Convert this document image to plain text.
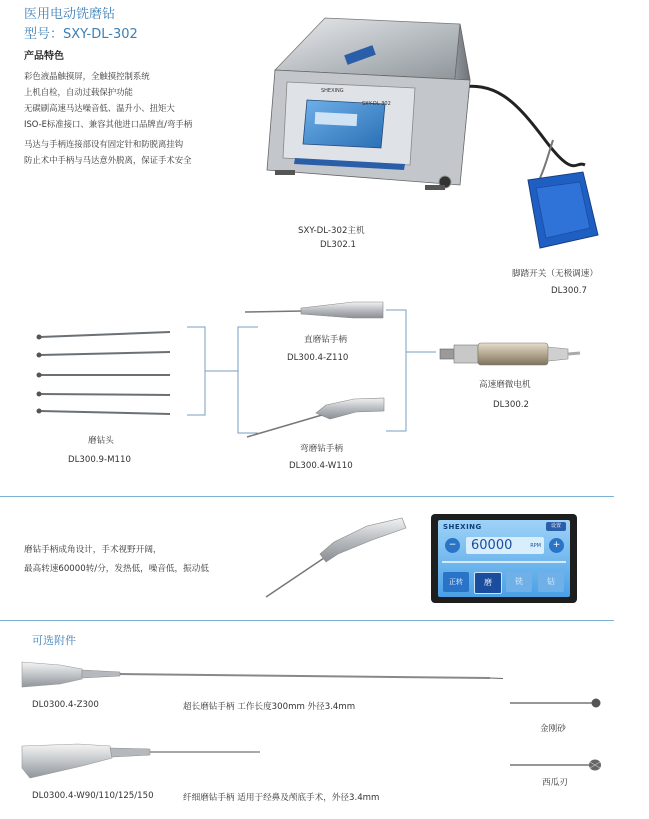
医用电动铣磨钻
型号：SXY-DL-302
产品特色
彩色液晶触摸屏，全触摸控制系统
上机自检，自动过载保护功能
无碳刷高速马达噪音低、温升小、扭矩大
ISO-E标准接口、兼容其他进口品牌直/弯手柄
马达与手柄连接部设有固定针和防脱离挂钩
防止术中手柄与马达意外脱离，保证手术安全
SHEXING
SXY-DL-302
SXY-DL-302主机
DL302.1
脚踏开关（无极调速）
DL300.7
磨钻头
DL300.9-M110
直磨钻手柄
DL300.4-Z110
高速磨微电机
DL300.2
弯磨钻手柄
DL300.4-W110
磨钻手柄成角设计，手术视野开阔，
最高转速60000转/分，发热低，噪音低，振动低
SHEXING	设置
− 60000	RPM	+
正转	磨	铣	钻
可选附件
DL0300.4-Z300	超长磨钻手柄 工作长度300mm 外径3.4mm
金刚砂
DL0300.4-W90/110/125/150	纤细磨钻手柄 适用于经鼻及颅底手术，外径3.4mm
西瓜刃
